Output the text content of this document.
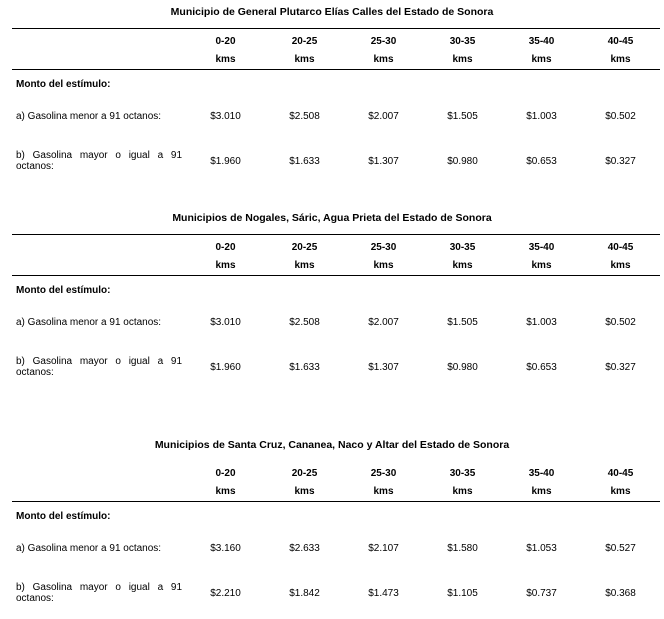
Municipio de General Plutarco Elías Calles del Estado de Sonora
	0-20	20-25	25-30	30-35	35-40	40-45
	kms	kms	kms	kms	kms	kms
Monto del estímulo:						
a) Gasolina menor a 91 octanos:	$3.010	$2.508	$2.007	$1.505	$1.003	$0.502
b) Gasolina mayor o igual a 91 octanos:	$1.960	$1.633	$1.307	$0.980	$0.653	$0.327
Municipios de Nogales, Sáric, Agua Prieta del Estado de Sonora
	0-20	20-25	25-30	30-35	35-40	40-45
	kms	kms	kms	kms	kms	kms
Monto del estímulo:						
a) Gasolina menor a 91 octanos:	$3.010	$2.508	$2.007	$1.505	$1.003	$0.502
b) Gasolina mayor o igual a 91 octanos:	$1.960	$1.633	$1.307	$0.980	$0.653	$0.327
Municipios de Santa Cruz, Cananea, Naco y Altar del Estado de Sonora
	0-20	20-25	25-30	30-35	35-40	40-45
	kms	kms	kms	kms	kms	kms
Monto del estímulo:						
a) Gasolina menor a 91 octanos:	$3.160	$2.633	$2.107	$1.580	$1.053	$0.527
b) Gasolina mayor o igual a 91 octanos:	$2.210	$1.842	$1.473	$1.105	$0.737	$0.368
